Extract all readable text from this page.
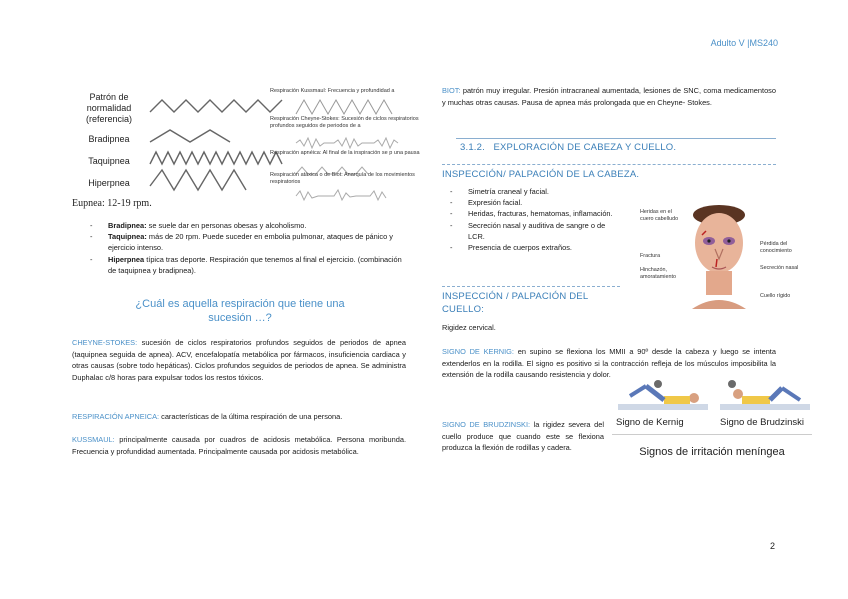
Adulto V |MS240
Patrón de normalidad (referencia)
Bradipnea
Taquipnea
Hiperpnea
Respiración Kussmaul: Frecuencia y profundidad a
Respiración Cheyne-Stokes: Sucesión de ciclos respiratorios profundos seguidos de periodos de a
Respiración apnéica: Al final de la inspiración se p una pausa
Respiración atáxica o de Biot: Anarquía de los movimientos respiratorios
Eupnea: 12-19 rpm.
- Bradipnea: se suele dar en personas obesas y alcoholismo.
- Taquipnea: más de 20 rpm. Puede suceder en embolia pulmonar, ataques de pánico y ejercicio intenso.
- Hiperpnea típica tras deporte. Respiración que tenemos al final el ejercicio. (combinación de taquipnea y bradipnea).
¿Cuál es aquella respiración que tiene una sucesión …?
CHEYNE-STOKES: sucesión de ciclos respiratorios profundos seguidos de periodos de apnea (taquipnea seguida de apnea). ACV, encefalopatía metabólica por fármacos, insuficiencia cardiaca y otras causas (sobre todo hepáticas). Ciclos profundos seguidos de periodos de apnea. Se administra Duphalac c/8 horas para expulsar todos los restos tóxicos.
RESPIRACIÓN APNEICA: características de la última respiración de una persona.
KUSSMAUL: principalmente causada por cuadros de acidosis metabólica. Persona moribunda. Frecuencia y profundidad aumentada. Principalmente causada por acidosis metabólica.
BIOT: patrón muy irregular. Presión intracraneal aumentada, lesiones de SNC, coma medicamentoso y muchas otras causas. Pausa de apnea más prolongada que en Cheyne- Stokes.
3.1.2.   EXPLORACIÓN DE CABEZA Y CUELLO.
INSPECCIÓN/ PALPACIÓN DE LA CABEZA.
- Simetría craneal y facial.
- Expresión facial.
- Heridas, fracturas, hematomas, inflamación.
- Secreción nasal y auditiva de sangre o de LCR.
- Presencia de cuerpos extraños.
Heridas en el cuero cabelludo
Fractura
Hinchazón, amoratamiento
Pérdida del conocimiento
Secreción nasal
Cuello rígido
INSPECCIÓN / PALPACIÓN DEL CUELLO:
Rigidez cervical.
SIGNO DE KERNIG: en supino se flexiona los MMII a 90º desde la cabeza y luego se intenta extenderlos en la rodilla. El signo es positivo si la contracción refleja de los músculos imposibilita la extensión de la rodilla causando resistencia y dolor.
SIGNO DE BRUDZINSKI: la rigidez severa del cuello produce que cuando este se flexiona produzca la flexión de rodillas y cadera.
Signo de Kernig	Signo de Brudzinski
Signos de irritación meníngea
2
